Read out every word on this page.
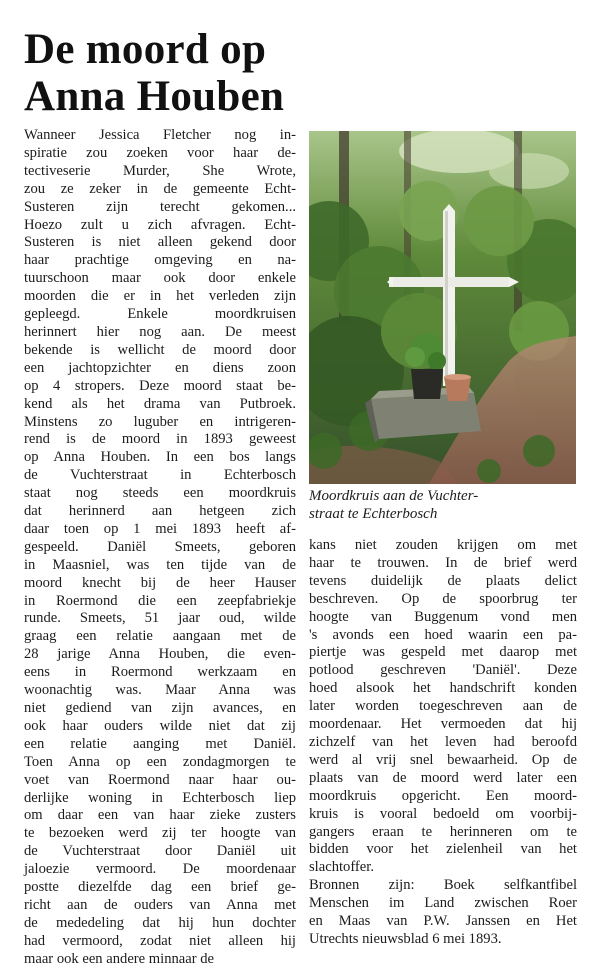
De moord op
Anna Houben
Wanneer Jessica Fletcher nog in-
spiratie zou zoeken voor haar de-
tectiveserie Murder, She Wrote,
zou ze zeker in de gemeente Echt-
Susteren zijn terecht gekomen...
Hoezo zult u zich afvragen. Echt-
Susteren is niet alleen gekend door
haar prachtige omgeving en na-
tuurschoon maar ook door enkele
moorden die er in het verleden zijn
gepleegd. Enkele moordkruisen
herinnert hier nog aan. De meest
bekende is wellicht de moord door
een jachtopzichter en diens zoon
op 4 stropers. Deze moord staat be-
kend als het drama van Putbroek.
Minstens zo luguber en intrigeren-
rend is de moord in 1893 geweest
op Anna Houben. In een bos langs
de Vuchterstraat in Echterbosch
staat nog steeds een moordkruis
dat herinnerd aan hetgeen zich
daar toen op 1 mei 1893 heeft af-
gespeeld. Daniël Smeets, geboren
in Maasniel, was ten tijde van de
moord knecht bij de heer Hauser
in Roermond die een zeepfabriekje
runde. Smeets, 51 jaar oud, wilde
graag een relatie aangaan met de
28 jarige Anna Houben, die even-
eens in Roermond werkzaam en
woonachtig was. Maar Anna was
niet gediend van zijn avances, en
ook haar ouders wilde niet dat zij
een relatie aanging met Daniël.
Toen Anna op een zondagmorgen te
voet van Roermond naar haar ou-
derlijke woning in Echterbosch liep
om daar een van haar zieke zusters
te bezoeken werd zij ter hoogte van
de Vuchterstraat door Daniël uit
jaloezie vermoord. De moordenaar
postte diezelfde dag een brief ge-
richt aan de ouders van Anna met
de mededeling dat hij hun dochter
had vermoord, zodat niet alleen hij
maar ook een andere minnaar de
Moordkruis aan de Vuchter-
straat te Echterbosch
kans niet zouden krijgen om met
haar te trouwen. In de brief werd
tevens duidelijk de plaats delict
beschreven. Op de spoorbrug ter
hoogte van Buggenum vond men
's avonds een hoed waarin een pa-
piertje was gespeld met daarop met
potlood geschreven 'Daniël'. Deze
hoed alsook het handschrift konden
later worden toegeschreven aan de
moordenaar. Het vermoeden dat hij
zichzelf van het leven had beroofd
werd al vrij snel bewaarheid. Op de
plaats van de moord werd later een
moordkruis opgericht. Een moord-
kruis is vooral bedoeld om voorbij-
gangers eraan te herinneren om te
bidden voor het zielenheil van het
slachtoffer.
Bronnen zijn: Boek selfkantfibel
Menschen im Land zwischen Roer
en Maas van P.W. Janssen en Het
Utrechts nieuwsblad 6 mei 1893.
